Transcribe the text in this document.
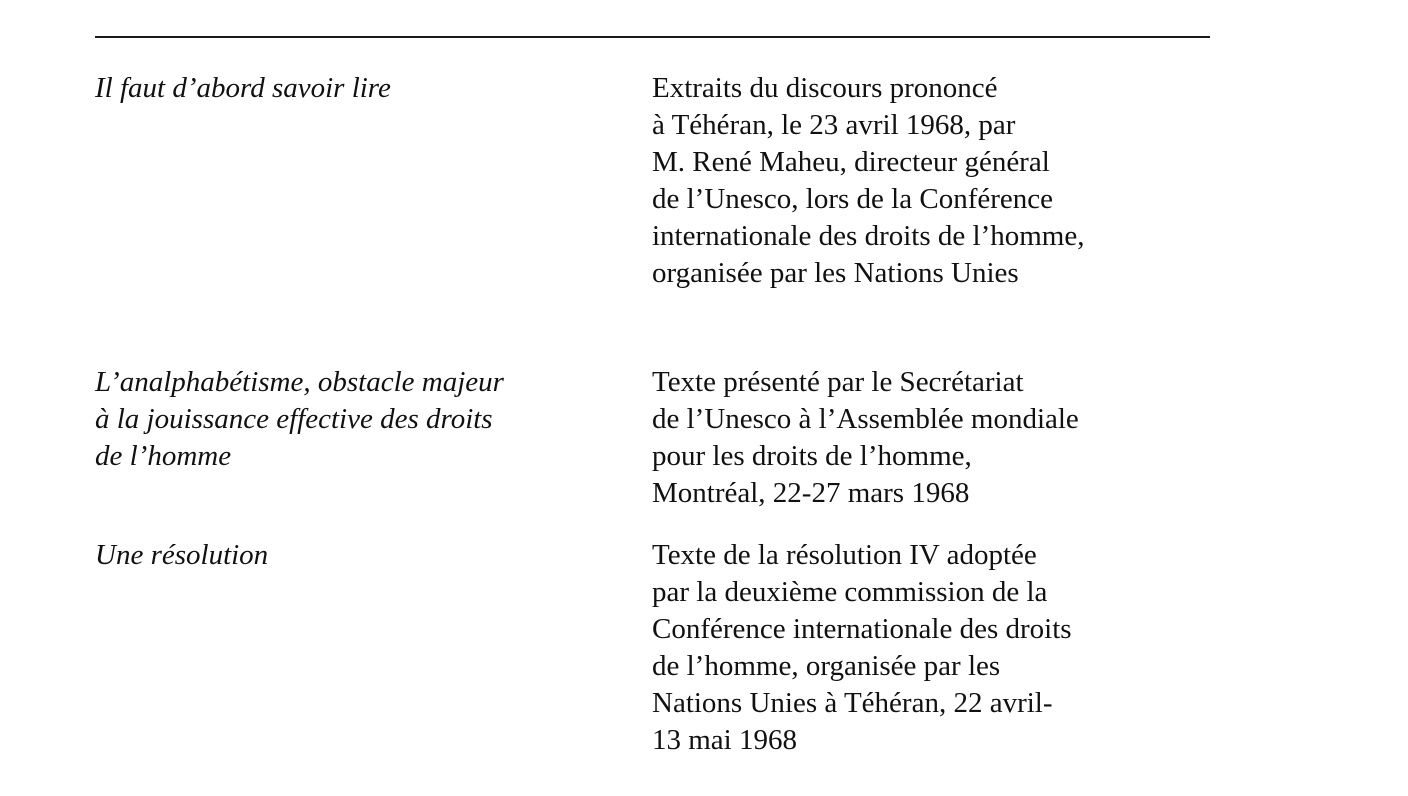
Il faut d’abord savoir lire	Extraits du discours prononcé
à Téhéran, le 23 avril 1968, par
M. René Maheu, directeur général
de l’Unesco, lors de la Conférence
internationale des droits de l’homme,
organisée par les Nations Unies
L’analphabétisme, obstacle majeur
à la jouissance effective des droits
de l’homme
Texte présenté par le Secrétariat
de l’Unesco à l’Assemblée mondiale
pour les droits de l’homme,
Montréal, 22-27 mars 1968
Une résolution	Texte de la résolution IV adoptée
par la deuxième commission de la
Conférence internationale des droits
de l’homme, organisée par les
Nations Unies à Téhéran, 22 avril-
13 mai 1968
